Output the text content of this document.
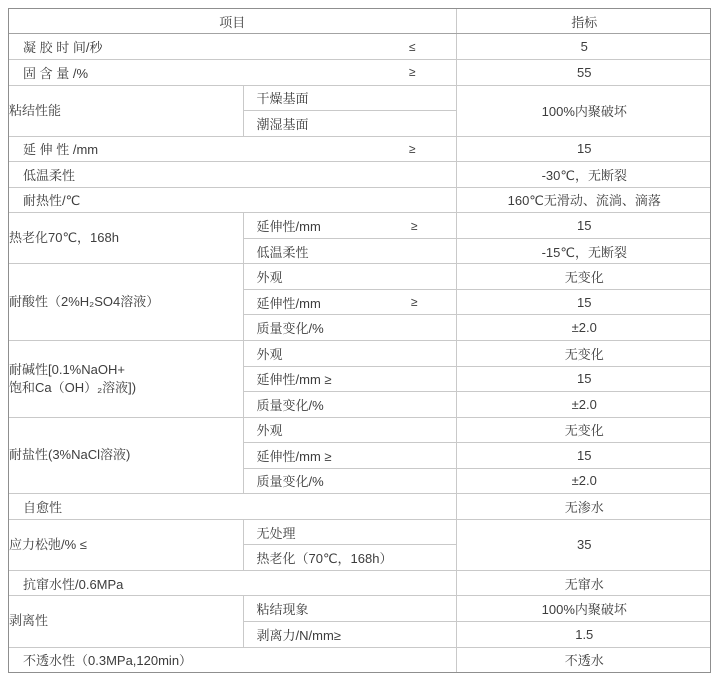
项目		指标

凝 胶 时 间/秒 ≤		5

固 含 量 /% ≥		55

粘结性能	干燥基面	100%内聚破坏

	潮湿基面	

延 伸 性 /mm ≥		15

低温柔性		-30℃，无断裂

耐热性/℃		160℃无滑动、流淌、滴落

热老化70℃，168h	延伸性/mm ≥	15

	低温柔性	-15℃，无断裂

耐酸性（2%H₂SO4溶液）	外观	无变化

	延伸性/mm ≥	15

	质量变化/%	±2.0

耐碱性[0.1%NaOH+
饱和Ca（OH）₂溶液])	外观	无变化

	延伸性/mm ≥	15

	质量变化/%	±2.0

耐盐性(3%NaCl溶液)	外观	无变化

	延伸性/mm ≥	15

	质量变化/%	±2.0

自愈性		无渗水

应力松弛/% ≤	无处理	35

	热老化（70℃，168h）	

抗窜水性/0.6MPa		无窜水

剥离性	粘结现象	100%内聚破坏

	剥离力/N/mm≥	1.5

不透水性（0.3MPa,120min）		不透水
